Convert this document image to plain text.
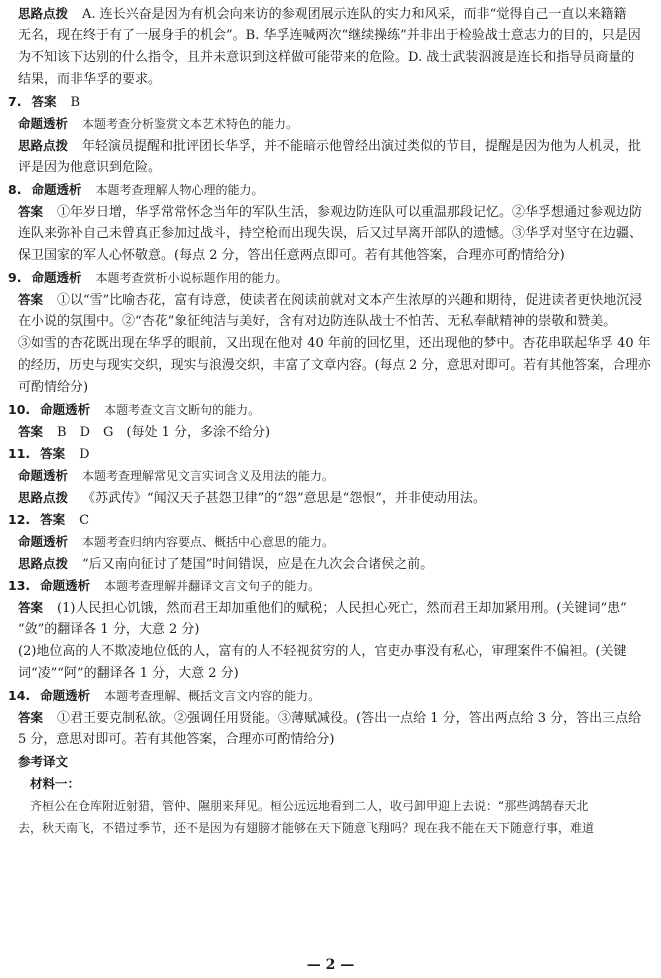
思路点拨 A. 连长兴奋是因为有机会向来访的参观团展示连队的实力和风采，而非“觉得自己一直以来籍籍
无名，现在终于有了一展身手的机会”。B. 华孚连喊两次“继续操练”并非出于检验战士意志力的目的，只是因
为不知该下达别的什么指令，且并未意识到这样做可能带来的危险。D. 战士武装泅渡是连长和指导员商量的
结果，而非华孚的要求。
7. 答案 B
命题透析 本题考查分析鉴赏文本艺术特色的能力。
思路点拨 年轻演员提醒和批评团长华孚，并不能暗示他曾经出演过类似的节目，提醒是因为他为人机灵，批
评是因为他意识到危险。
8. 命题透析 本题考查理解人物心理的能力。
答案 ①年岁日增，华孚常常怀念当年的军队生活，参观边防连队可以重温那段记忆。②华孚想通过参观边防
连队来弥补自己未曾真正参加过战斗，持空枪而出现失误，后又过早离开部队的遗憾。③华孚对坚守在边疆、
保卫国家的军人心怀敬意。(每点 2 分，答出任意两点即可。若有其他答案，合理亦可酌情给分)
9. 命题透析 本题考查赏析小说标题作用的能力。
答案 ①以“雪”比喻杏花，富有诗意，使读者在阅读前就对文本产生浓厚的兴趣和期待，促进读者更快地沉浸
在小说的氛围中。②“杏花”象征纯洁与美好，含有对边防连队战士不怕苦、无私奉献精神的崇敬和赞美。
③如雪的杏花既出现在华孚的眼前，又出现在他对 40 年前的回忆里，还出现他的梦中。杏花串联起华孚 40 年
的经历，历史与现实交织，现实与浪漫交织，丰富了文章内容。(每点 2 分，意思对即可。若有其他答案，合理亦
可酌情给分)
10. 命题透析 本题考查文言文断句的能力。
答案 B　D　G　(每处 1 分，多涂不给分)
11. 答案 D
命题透析 本题考查理解常见文言实词含义及用法的能力。
思路点拨 《苏武传》“闻汉天子甚怨卫律”的“怨”意思是“怨恨”，并非使动用法。
12. 答案 C
命题透析 本题考查归纳内容要点、概括中心意思的能力。
思路点拨 “后又南向征讨了楚国”时间错误，应是在九次会合诸侯之前。
13. 命题透析 本题考查理解并翻译文言文句子的能力。
答案 (1)人民担心饥饿，然而君王却加重他们的赋税；人民担心死亡，然而君王却加紧用刑。(关键词“患”
“敛”的翻译各 1 分，大意 2 分)
(2)地位高的人不欺凌地位低的人，富有的人不轻视贫穷的人，官吏办事没有私心，审理案件不偏袒。(关键
词“凌”“阿”的翻译各 1 分，大意 2 分)
14. 命题透析 本题考查理解、概括文言文内容的能力。
答案 ①君王要克制私欲。②强调任用贤能。③薄赋减役。(答出一点给 1 分，答出两点给 3 分，答出三点给
5 分，意思对即可。若有其他答案，合理亦可酌情给分)
参考译文
材料一：
齐桓公在仓库附近射猎，管仲、隰朋来拜见。桓公远远地看到二人，收弓卸甲迎上去说：“那些鸿鹄春天北
去，秋天南飞，不错过季节，还不是因为有翅膀才能够在天下随意飞翔吗？现在我不能在天下随意行事，难道
— 2 —
